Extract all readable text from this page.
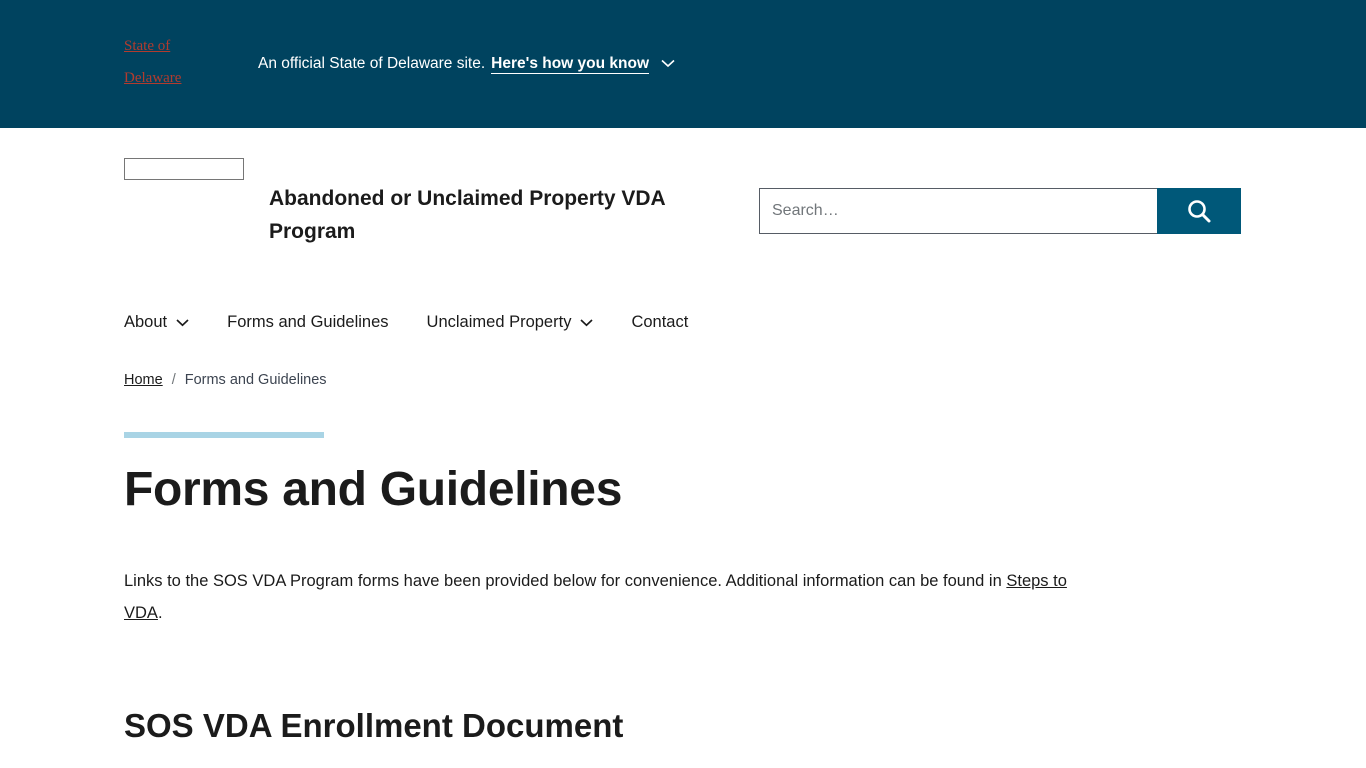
State of Delaware
An official State of Delaware site. Here's how you know
Abandoned or Unclaimed Property VDA Program
Search…
About	Forms and Guidelines Unclaimed Property	Contact
Home / Forms and Guidelines
Forms and Guidelines

Links to the SOS VDA Program forms have been provided below for convenience. Additional information can be found in Steps to VDA.

SOS VDA Enrollment Document
